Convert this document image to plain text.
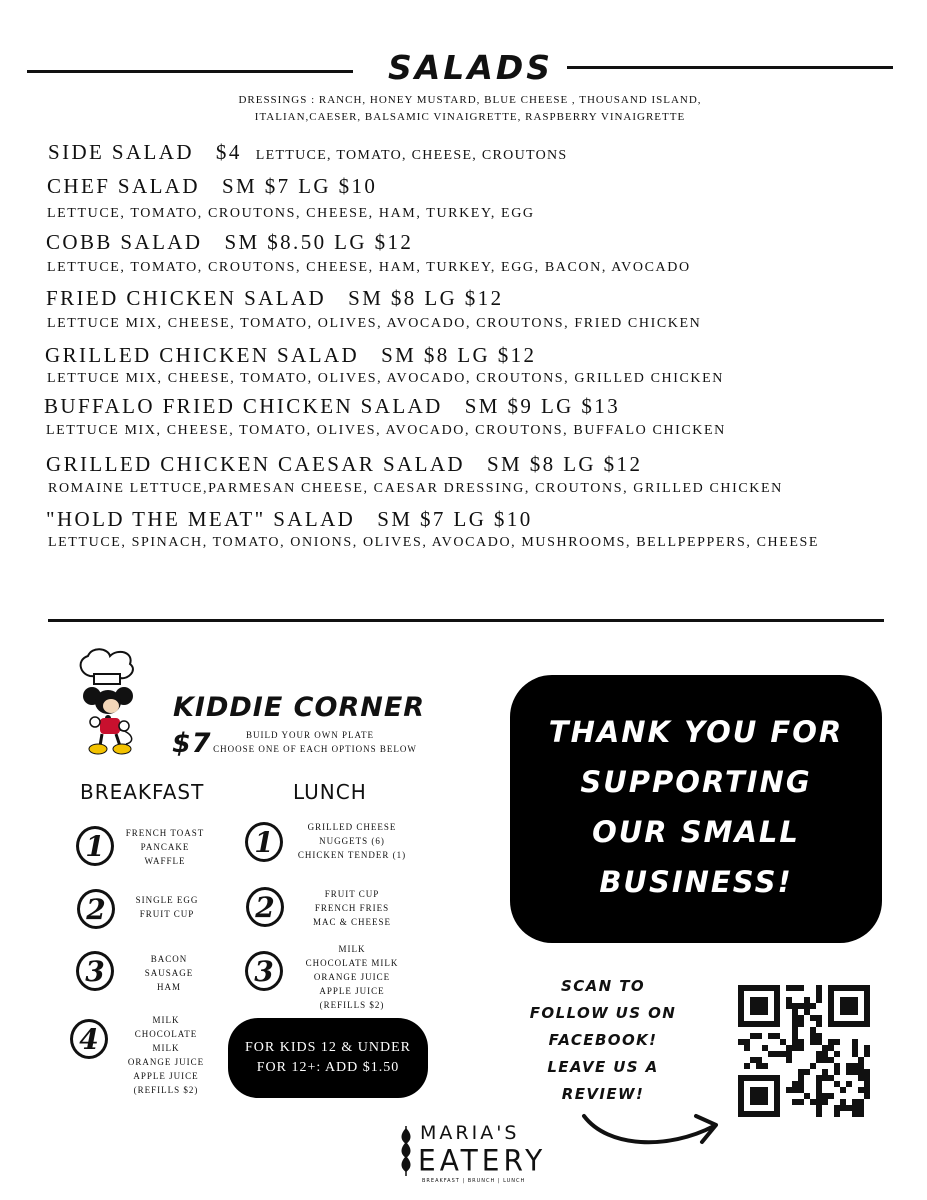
SALADS
DRESSINGS : RANCH, HONEY MUSTARD, BLUE CHEESE , THOUSAND ISLAND,
ITALIAN,CAESER, BALSAMIC VINAIGRETTE, RASPBERRY VINAIGRETTE
SIDE SALAD $4 LETTUCE, TOMATO, CHEESE, CROUTONS
CHEF SALAD SM $7 LG $10
LETTUCE, TOMATO, CROUTONS, CHEESE, HAM, TURKEY, EGG
COBB SALAD SM $8.50 LG $12
LETTUCE, TOMATO, CROUTONS, CHEESE, HAM, TURKEY, EGG, BACON, AVOCADO
FRIED CHICKEN SALAD SM $8 LG $12
LETTUCE MIX, CHEESE, TOMATO, OLIVES, AVOCADO, CROUTONS, FRIED CHICKEN
GRILLED CHICKEN SALAD SM $8 LG $12
LETTUCE MIX, CHEESE, TOMATO, OLIVES, AVOCADO, CROUTONS, GRILLED CHICKEN
BUFFALO FRIED CHICKEN SALAD SM $9 LG $13
LETTUCE MIX, CHEESE, TOMATO, OLIVES, AVOCADO, CROUTONS, BUFFALO CHICKEN
GRILLED CHICKEN CAESAR SALAD SM $8 LG $12
ROMAINE LETTUCE,PARMESAN CHEESE, CAESAR DRESSING, CROUTONS, GRILLED CHICKEN
"HOLD THE MEAT" SALAD SM $7 LG $10
LETTUCE, SPINACH, TOMATO, ONIONS, OLIVES, AVOCADO, MUSHROOMS, BELLPEPPERS, CHEESE
KIDDIE CORNER
$7	BUILD YOUR OWN PLATE
CHOOSE ONE OF EACH OPTIONS BELOW
BREAKFAST	LUNCH
1	FRENCH TOAST
PANCAKE
WAFFLE
2	SINGLE EGG
FRUIT CUP
3	BACON
SAUSAGE
HAM
4
MILK
CHOCOLATE MILK
ORANGE JUICE
APPLE JUICE
(REFILLS $2)
1	GRILLED CHEESE
NUGGETS (6)
CHICKEN TENDER (1)
2	FRUIT CUP
FRENCH FRIES
MAC & CHEESE
3
MILK
CHOCOLATE MILK
ORANGE JUICE
APPLE JUICE
(REFILLS $2)
FOR KIDS 12 & UNDER
FOR 12+: ADD $1.50
THANK YOU FOR
SUPPORTING
OUR SMALL
BUSINESS!
SCAN TO
FOLLOW US ON
FACEBOOK!
LEAVE US A
REVIEW!
MARIA'S
EATERY
BREAKFAST | BRUNCH | LUNCH
